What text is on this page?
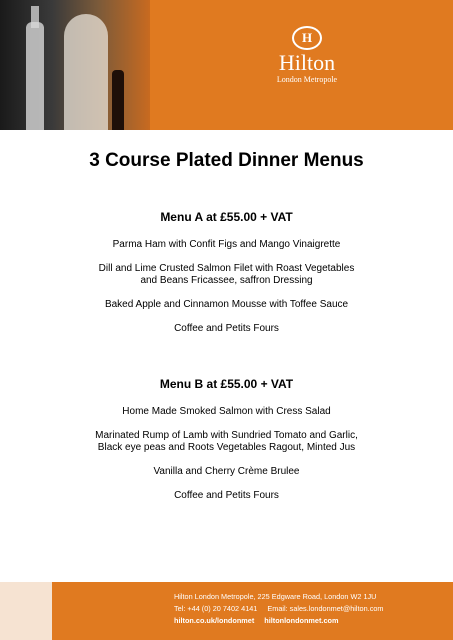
H
Hilton
London Metropole
3 Course Plated Dinner Menus
Menu A at £55.00 + VAT

Parma Ham with Confit Figs and Mango Vinaigrette

Dill and Lime Crusted Salmon Filet with Roast Vegetables
and Beans Fricassee, saffron Dressing

Baked Apple and Cinnamon Mousse with Toffee Sauce

Coffee and Petits Fours

Menu B at £55.00 + VAT

Home Made Smoked Salmon with Cress Salad

Marinated Rump of Lamb with Sundried Tomato and Garlic,
Black eye peas and Roots Vegetables Ragout, Minted Jus

Vanilla and Cherry Crème Brulee

Coffee and Petits Fours

Hilton London Metropole, 225 Edgware Road, London W2 1JU
Tel: +44 (0) 20 7402 4141 Email: sales.londonmet@hilton.com
hilton.co.uk/londonmet hiltonlondonmet.com
